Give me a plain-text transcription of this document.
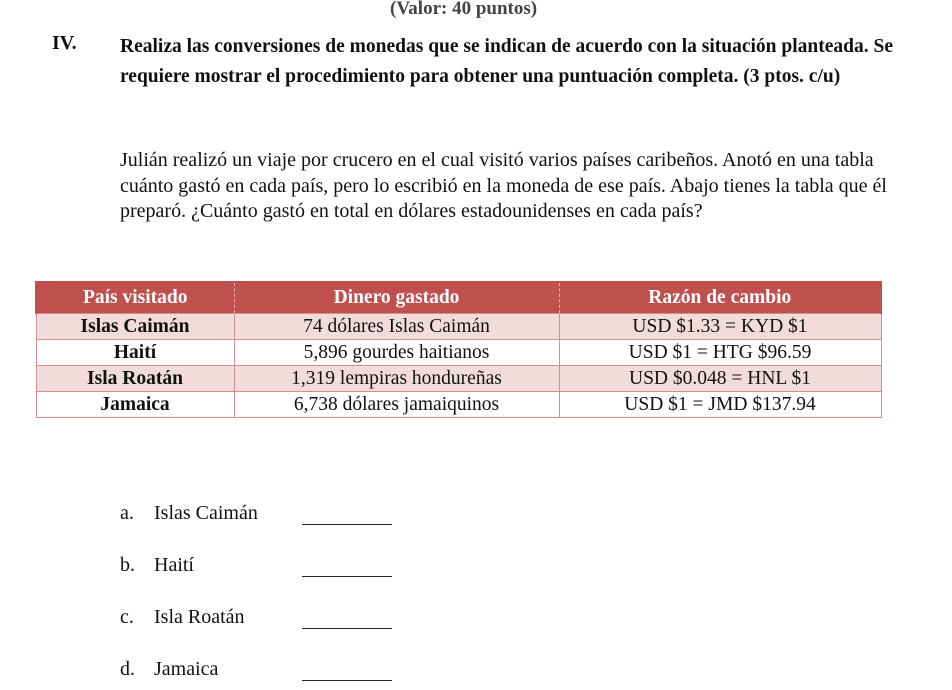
(Valor: 40 puntos)
IV. Realiza las conversiones de monedas que se indican de acuerdo con la situación planteada. Se requiere mostrar el procedimiento para obtener una puntuación completa. (3 ptos. c/u)

Julián realizó un viaje por crucero en el cual visitó varios países caribeños. Anotó en una tabla cuánto gastó en cada país, pero lo escribió en la moneda de ese país. Abajo tienes la tabla que él preparó. ¿Cuánto gastó en total en dólares estadounidenses en cada país?

País visitado	Dinero gastado	Razón de cambio
Islas Caimán	74 dólares Islas Caimán	USD $1.33 = KYD $1
Haití	5,896 gourdes haitianos	USD $1 = HTG $96.59
Isla Roatán	1,319 lempiras hondureñas	USD $0.048 = HNL $1
Jamaica	6,738 dólares jamaiquinos	USD $1 = JMD $137.94
a. Islas Caimán
b. Haití
c. Isla Roatán
d. Jamaica
